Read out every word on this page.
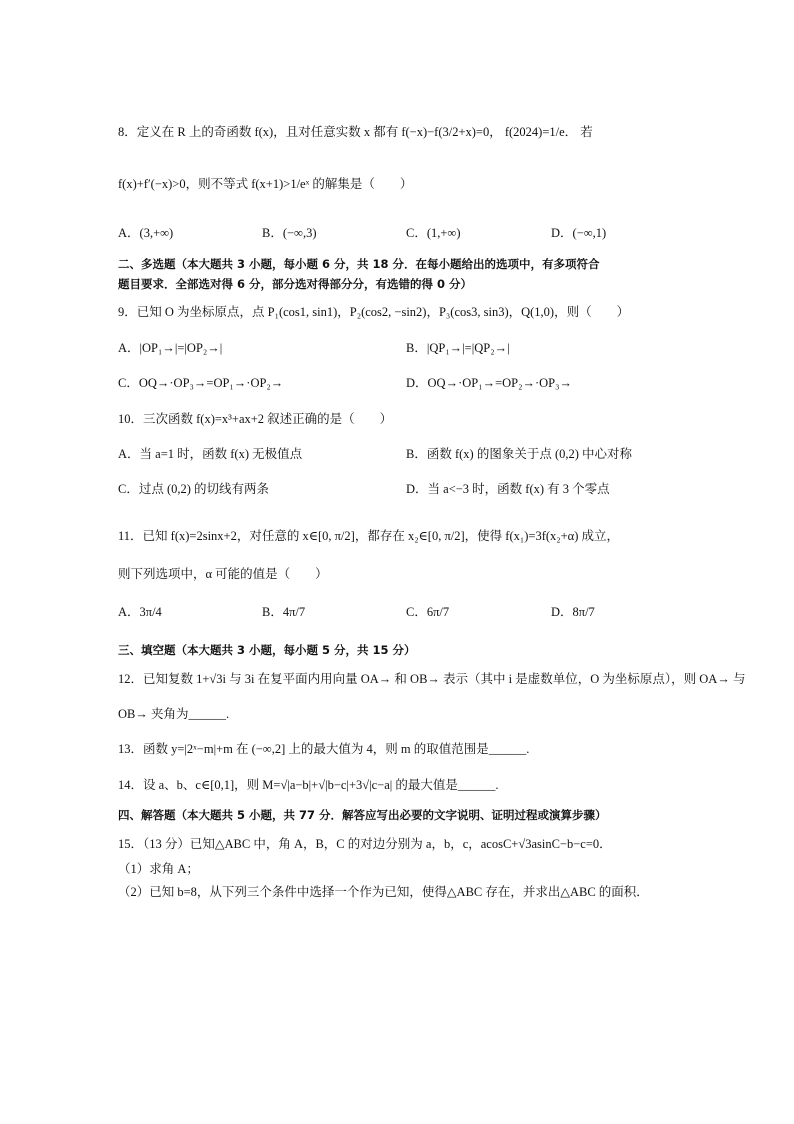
8．定义在 R 上的奇函数 f(x)，且对任意实数 x 都有 f(−x)−f(3/2+x)=0， f(2024)=1/e． 若
f(x)+f′(−x)>0，则不等式 f(x+1)>1/eˣ 的解集是（　　）
A．(3,+∞)	B．(−∞,3)	C．(1,+∞)	D．(−∞,1)
二、多选题（本大题共 3 小题，每小题 6 分，共 18 分．在每小题给出的选项中，有多项符合
题目要求．全部选对得 6 分，部分选对得部分分，有选错的得 0 分）
9．已知 O 为坐标原点，点 P₁(cos1, sin1)，P₂(cos2, −sin2)，P₃(cos3, sin3)，Q(1,0)，则（　　）
A．|OP₁→|=|OP₂→|	B．|QP₁→|=|QP₂→|
C．OQ→·OP₃→=OP₁→·OP₂→	D．OQ→·OP₁→=OP₂→·OP₃→
10．三次函数 f(x)=x³+ax+2 叙述正确的是（　　）
A．当 a=1 时，函数 f(x) 无极值点	B．函数 f(x) 的图象关于点 (0,2) 中心对称
C．过点 (0,2) 的切线有两条	D．当 a<−3 时，函数 f(x) 有 3 个零点
11．已知 f(x)=2sinx+2，对任意的 x∈[0, π/2]，都存在 x₂∈[0, π/2]，使得 f(x₁)=3f(x₂+α) 成立，
则下列选项中，α 可能的值是（　　）
A．3π/4	B．4π/7	C．6π/7	D．8π/7
三、填空题（本大题共 3 小题，每小题 5 分，共 15 分）
12．已知复数 1+√3i 与 3i 在复平面内用向量 OA→ 和 OB→ 表示（其中 i 是虚数单位，O 为坐标原点），则 OA→ 与
OB→ 夹角为______.
13．函数 y=|2ˣ−m|+m 在 (−∞,2] 上的最大值为 4，则 m 的取值范围是______.
14．设 a、b、c∈[0,1]，则 M=√|a−b|+√|b−c|+3√|c−a| 的最大值是______.
四、解答题（本大题共 5 小题，共 77 分．解答应写出必要的文字说明、证明过程或演算步骤）
15．（13 分）已知△ABC 中，角 A，B，C 的对边分别为 a，b，c，acosC+√3asinC−b−c=0．
（1）求角 A；
（2）已知 b=8，从下列三个条件中选择一个作为已知，使得△ABC 存在，并求出△ABC 的面积．
